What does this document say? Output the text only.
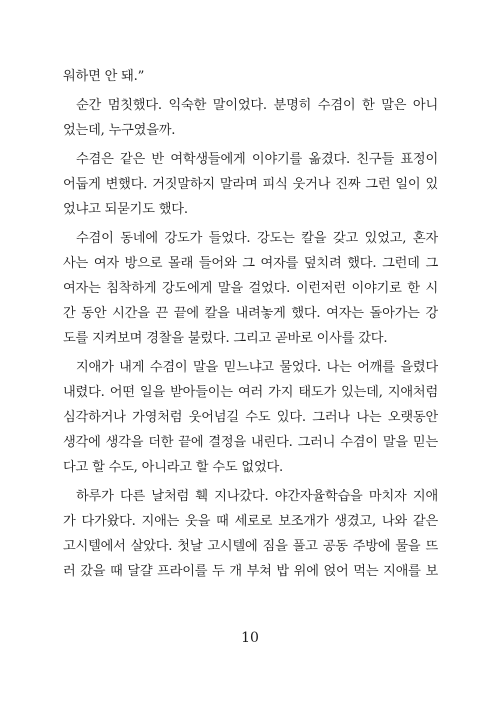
워하면 안 돼.”
순간 멈칫했다. 익숙한 말이었다. 분명히 수겸이 한 말은 아니
었는데, 누구였을까.
수겸은 같은 반 여학생들에게 이야기를 옮겼다. 친구들 표정이
어둡게 변했다. 거짓말하지 말라며 피식 웃거나 진짜 그런 일이 있
었냐고 되묻기도 했다.
수겸이 동네에 강도가 들었다. 강도는 칼을 갖고 있었고, 혼자
사는 여자 방으로 몰래 들어와 그 여자를 덮치려 했다. 그런데 그
여자는 침착하게 강도에게 말을 걸었다. 이런저런 이야기로 한 시
간 동안 시간을 끈 끝에 칼을 내려놓게 했다. 여자는 돌아가는 강
도를 지켜보며 경찰을 불렀다. 그리고 곧바로 이사를 갔다.
지애가 내게 수겸이 말을 믿느냐고 물었다. 나는 어깨를 을렸다
내렸다. 어떤 일을 받아들이는 여러 가지 태도가 있는데, 지애처럼
심각하거나 가영처럼 웃어넘길 수도 있다. 그러나 나는 오랫동안
생각에 생각을 더한 끝에 결정을 내린다. 그러니 수겸이 말을 믿는
다고 할 수도, 아니라고 할 수도 없었다.
하루가 다른 날처럼 훽 지나갔다. 야간자율학습을 마치자 지애
가 다가왔다. 지애는 웃을 때 세로로 보조개가 생겼고, 나와 같은
고시텔에서 살았다. 첫날 고시텔에 짐을 풀고 공동 주방에 물을 뜨
러 갔을 때 달걀 프라이를 두 개 부쳐 밥 위에 얹어 먹는 지애를 보
10
